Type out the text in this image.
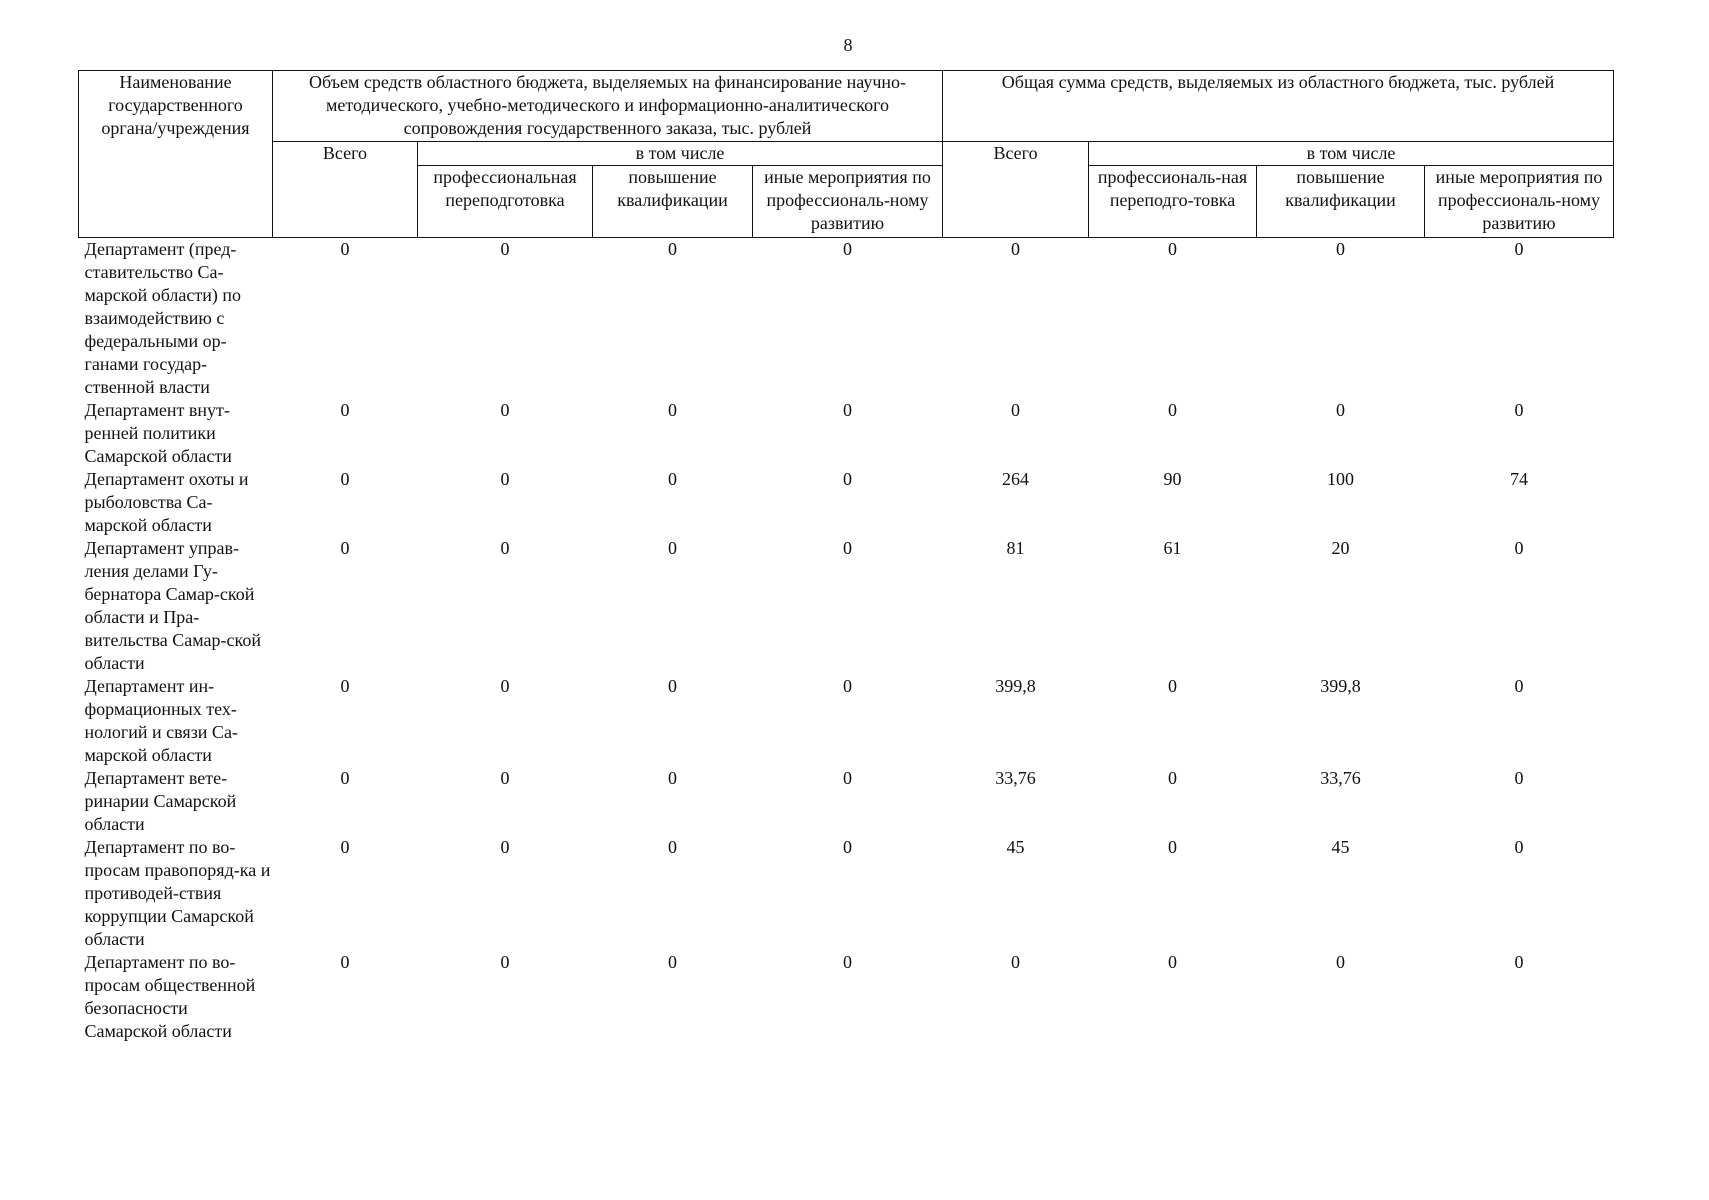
8
Наименование государственного органа/учреждения	Объем средств областного бюджета, выделяемых на финансирование научно-методического, учебно-методического и информационно-аналитического сопровождения государственного заказа, тыс. рублей				Общая сумма средств, выделяемых из областного бюджета, тыс. рублей			
	Всего	в том числе			Всего	в том числе		
		профессиональная переподготовка	повышение квалификации	иные мероприятия по профессиональ-ному развитию		профессиональ-ная переподго-товка	повышение квалификации	иные мероприятия по профессиональ-ному развитию
Департамент (пред-ставительство Са-марской области) по взаимодействию с федеральными ор-ганами государ-ственной власти	0	0	0	0	0	0	0	0
Департамент внут-ренней политики Самарской области	0	0	0	0	0	0	0	0
Департамент охоты и рыболовства Са-марской области	0	0	0	0	264	90	100	74
Департамент управ-ления делами Гу-бернатора Самар-ской области и Пра-вительства Самар-ской области	0	0	0	0	81	61	20	0
Департамент ин-формационных тех-нологий и связи Са-марской области	0	0	0	0	399,8	0	399,8	0
Департамент вете-ринарии Самарской области	0	0	0	0	33,76	0	33,76	0
Департамент по во-просам правопоряд-ка и противодей-ствия коррупции Самарской области	0	0	0	0	45	0	45	0
Департамент по во-просам общественной безопасности Самарской области	0	0	0	0	0	0	0	0
